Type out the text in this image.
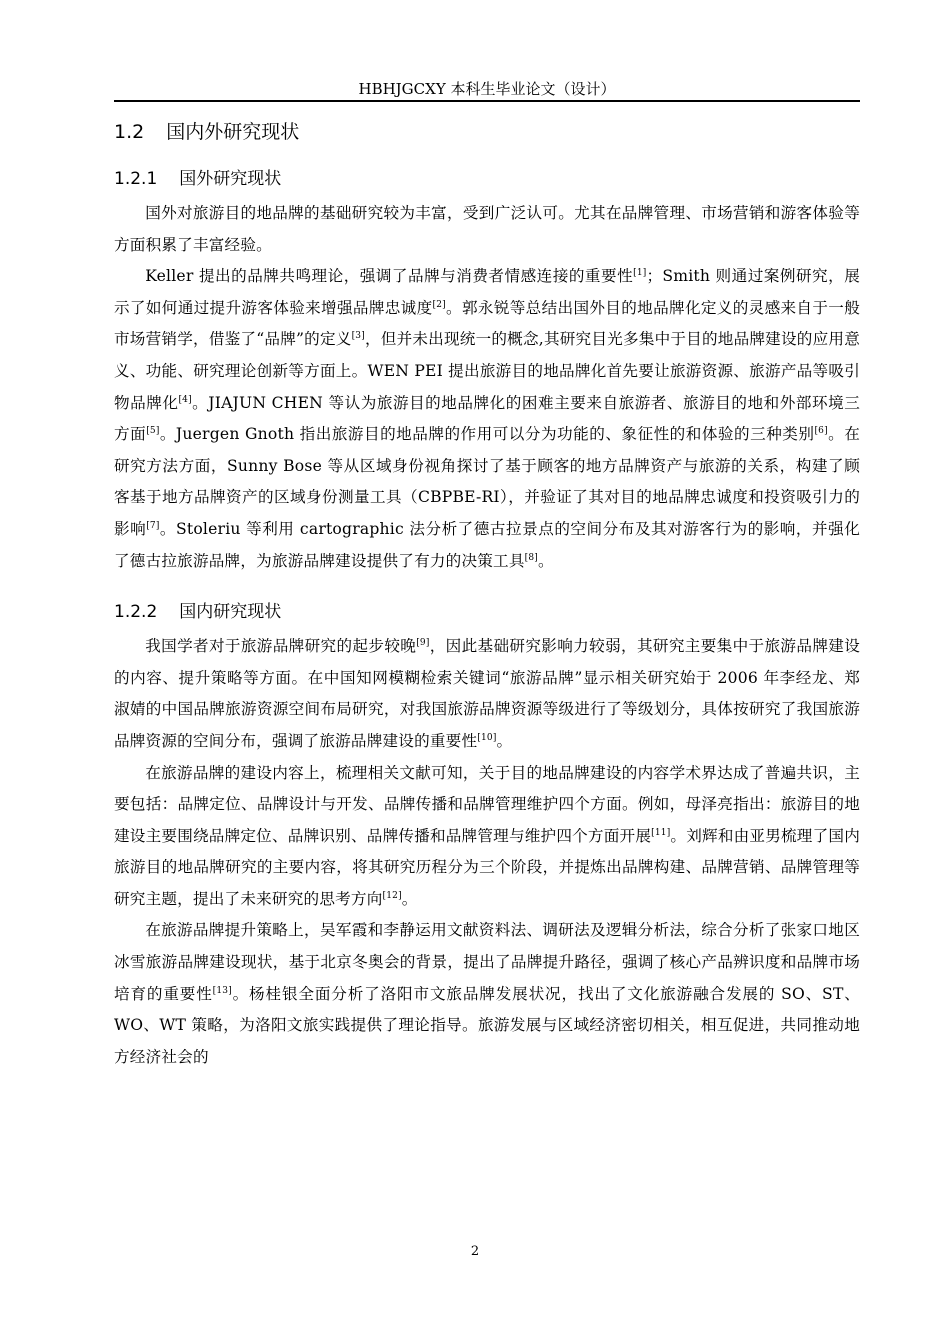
HBHJGCXY 本科生毕业论文（设计）
1.2 国内外研究现状
1.2.1 国外研究现状

国外对旅游目的地品牌的基础研究较为丰富，受到广泛认可。尤其在品牌管理、市场营销和游客体验等方面积累了丰富经验。

Keller 提出的品牌共鸣理论，强调了品牌与消费者情感连接的重要性[1]；Smith 则通过案例研究，展示了如何通过提升游客体验来增强品牌忠诚度[2]。郭永锐等总结出国外目的地品牌化定义的灵感来自于一般市场营销学，借鉴了“品牌”的定义[3]，但并未出现统一的概念,其研究目光多集中于目的地品牌建设的应用意义、功能、研究理论创新等方面上。WEN PEI 提出旅游目的地品牌化首先要让旅游资源、旅游产品等吸引物品牌化[4]。JIAJUN CHEN 等认为旅游目的地品牌化的困难主要来自旅游者、旅游目的地和外部环境三方面[5]。Juergen Gnoth 指出旅游目的地品牌的作用可以分为功能的、象征性的和体验的三种类别[6]。在研究方法方面，Sunny Bose 等从区域身份视角探讨了基于顾客的地方品牌资产与旅游的关系，构建了顾客基于地方品牌资产的区域身份测量工具（CBPBE-RI），并验证了其对目的地品牌忠诚度和投资吸引力的影响[7]。Stoleriu 等利用 cartographic 法分析了德古拉景点的空间分布及其对游客行为的影响，并强化了德古拉旅游品牌，为旅游品牌建设提供了有力的决策工具[8]。

1.2.2 国内研究现状

我国学者对于旅游品牌研究的起步较晚[9]，因此基础研究影响力较弱，其研究主要集中于旅游品牌建设的内容、提升策略等方面。在中国知网模糊检索关键词“旅游品牌”显示相关研究始于 2006 年李经龙、郑淑婧的中国品牌旅游资源空间布局研究，对我国旅游品牌资源等级进行了等级划分，具体按研究了我国旅游品牌资源的空间分布，强调了旅游品牌建设的重要性[10]。

在旅游品牌的建设内容上，梳理相关文献可知，关于目的地品牌建设的内容学术界达成了普遍共识，主要包括：品牌定位、品牌设计与开发、品牌传播和品牌管理维护四个方面。例如，母泽亮指出：旅游目的地建设主要围绕品牌定位、品牌识别、品牌传播和品牌管理与维护四个方面开展[11]。刘辉和由亚男梳理了国内旅游目的地品牌研究的主要内容，将其研究历程分为三个阶段，并提炼出品牌构建、品牌营销、品牌管理等研究主题，提出了未来研究的思考方向[12]。

在旅游品牌提升策略上，吴军霞和李静运用文献资料法、调研法及逻辑分析法，综合分析了张家口地区冰雪旅游品牌建设现状，基于北京冬奥会的背景，提出了品牌提升路径，强调了核心产品辨识度和品牌市场培育的重要性[13]。杨桂银全面分析了洛阳市文旅品牌发展状况，找出了文化旅游融合发展的 SO、ST、WO、WT 策略，为洛阳文旅实践提供了理论指导。旅游发展与区域经济密切相关，相互促进，共同推动地方经济社会的

2
